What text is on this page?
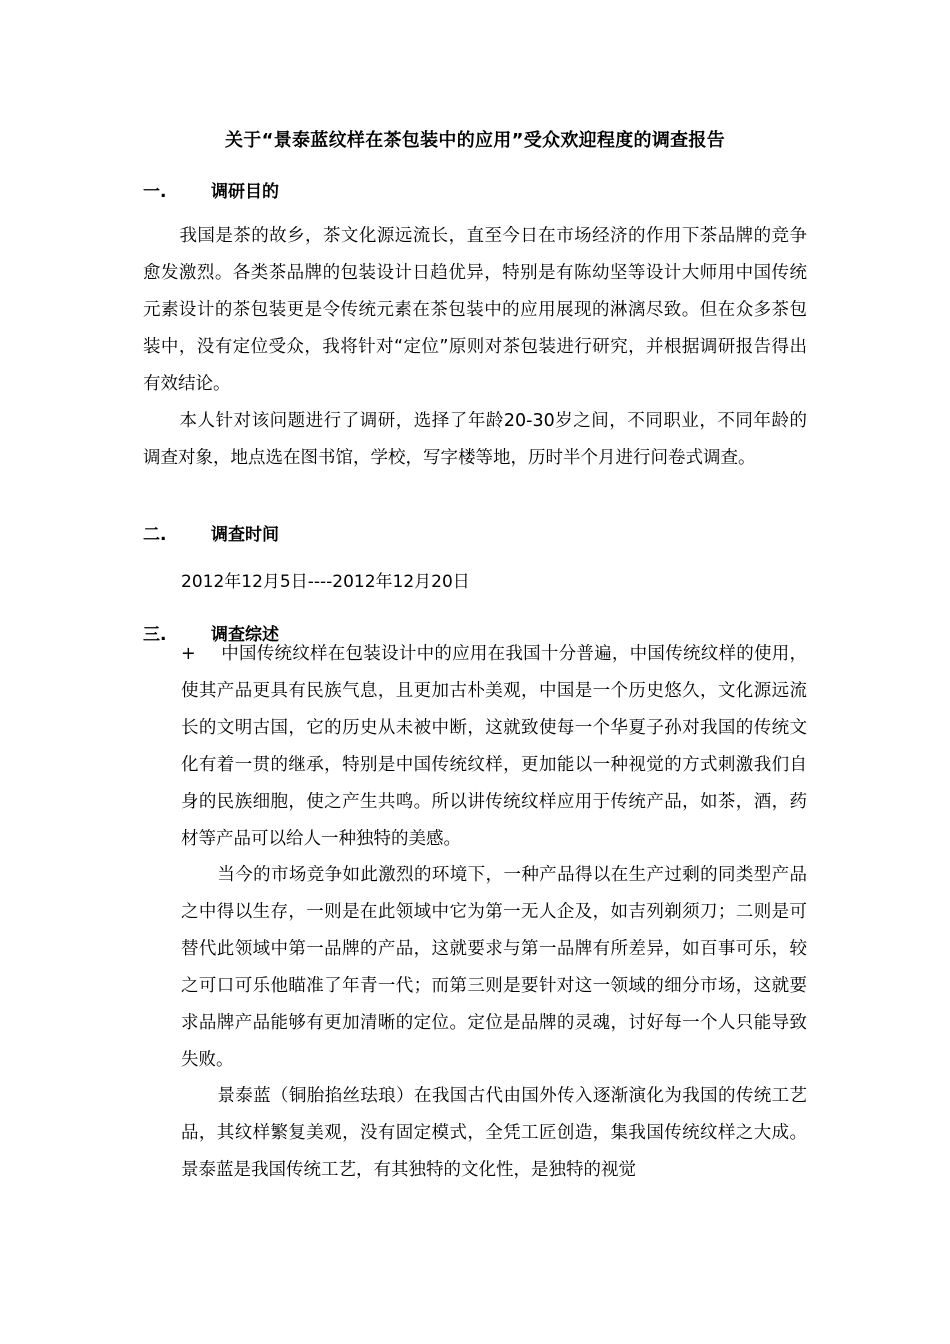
关于“景泰蓝纹样在茶包装中的应用”受众欢迎程度的调查报告
一.	调研目的

我国是茶的故乡，茶文化源远流长，直至今日在市场经济的作用下茶品牌的竞争愈发激烈。各类茶品牌的包装设计日趋优异，特别是有陈幼坚等设计大师用中国传统元素设计的茶包装更是令传统元素在茶包装中的应用展现的淋漓尽致。但在众多茶包装中，没有定位受众，我将针对“定位”原则对茶包装进行研究，并根据调研报告得出有效结论。

本人针对该问题进行了调研，选择了年龄20-30岁之间，不同职业，不同年龄的调查对象，地点选在图书馆，学校，写字楼等地，历时半个月进行问卷式调查。

二.	调查时间
2012年12月5日----2012年12月20日
三.	调查综述

+ 中国传统纹样在包装设计中的应用在我国十分普遍，中国传统纹样的使用，使其产品更具有民族气息，且更加古朴美观，中国是一个历史悠久，文化源远流长的文明古国，它的历史从未被中断，这就致使每一个华夏子孙对我国的传统文化有着一贯的继承，特别是中国传统纹样，更加能以一种视觉的方式刺激我们自身的民族细胞，使之产生共鸣。所以讲传统纹样应用于传统产品，如茶，酒，药材等产品可以给人一种独特的美感。

当今的市场竞争如此激烈的环境下，一种产品得以在生产过剩的同类型产品之中得以生存，一则是在此领域中它为第一无人企及，如吉列剃须刀；二则是可替代此领域中第一品牌的产品，这就要求与第一品牌有所差异，如百事可乐，较之可口可乐他瞄准了年青一代；而第三则是要针对这一领域的细分市场，这就要求品牌产品能够有更加清晰的定位。定位是品牌的灵魂，讨好每一个人只能导致失败。

景泰蓝（铜胎掐丝珐琅）在我国古代由国外传入逐渐演化为我国的传统工艺品，其纹样繁复美观，没有固定模式，全凭工匠创造，集我国传统纹样之大成。景泰蓝是我国传统工艺，有其独特的文化性，是独特的视觉
